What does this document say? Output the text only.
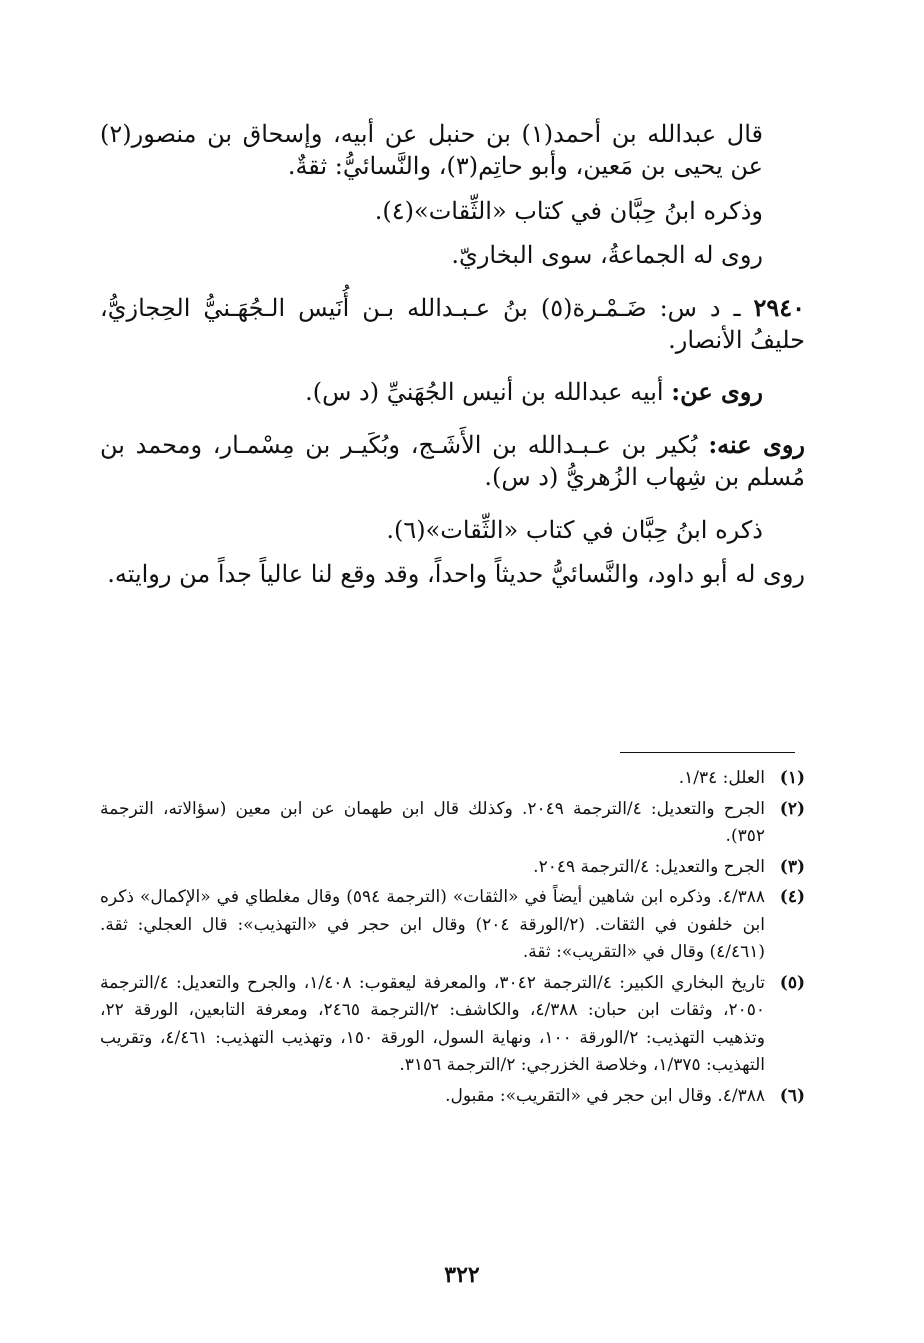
قال عبدالله بن أحمد(١) بن حنبل عن أبيه، وإسحاق بن منصور(٢) عن يحيى بن مَعين، وأبو حاتِم(٣)، والنَّسائيُّ: ثقةٌ.

وذكره ابنُ حِبَّان في كتاب «الثِّقات»(٤).

روى له الجماعةُ، سوى البخاريّ.

٢٩٤٠ ـ د س: ضَـمْـرة(٥) بنُ عـبـدالله بـن أُنَيس الـجُهَـنيُّ الحِجازيُّ، حليفُ الأنصار.

روى عن: أبيه عبدالله بن أنيس الجُهَنيِّ (د س).

روى عنه: بُكير بن عـبـدالله بن الأَشَـج، وبُكَيـر بن مِسْمـار، ومحمد بن مُسلم بن شِهاب الزُهريُّ (د س).

ذكره ابنُ حِبَّان في كتاب «الثِّقات»(٦).

روى له أبو داود، والنَّسائيُّ حديثاً واحداً، وقد وقع لنا عالياً جداً من روايته.

(١)
العلل: ١/٣٤.
(٢)
الجرح والتعديل: ٤/الترجمة ٢٠٤٩. وكذلك قال ابن طهمان عن ابن معين (سؤالاته، الترجمة ٣٥٢).
(٣)
الجرح والتعديل: ٤/الترجمة ٢٠٤٩.
(٤)
٤/٣٨٨. وذكره ابن شاهين أيضاً في «الثقات» (الترجمة ٥٩٤) وقال مغلطاي في «الإكمال» ذكره ابن خلفون في الثقات. (٢/الورقة ٢٠٤) وقال ابن حجر في «التهذيب»: قال العجلي: ثقة. (٤/٤٦١) وقال في «التقريب»: ثقة.
(٥)
تاريخ البخاري الكبير: ٤/الترجمة ٣٠٤٢، والمعرفة ليعقوب: ١/٤٠٨، والجرح والتعديل: ٤/الترجمة ٢٠٥٠، وثقات ابن حبان: ٤/٣٨٨، والكاشف: ٢/الترجمة ٢٤٦٥، ومعرفة التابعين، الورقة ٢٢، وتذهيب التهذيب: ٢/الورقة ١٠٠، ونهاية السول، الورقة ١٥٠، وتهذيب التهذيب: ٤/٤٦١، وتقريب التهذيب: ١/٣٧٥، وخلاصة الخزرجي: ٢/الترجمة ٣١٥٦.
(٦)
٤/٣٨٨. وقال ابن حجر في «التقريب»: مقبول.
٣٢٢
